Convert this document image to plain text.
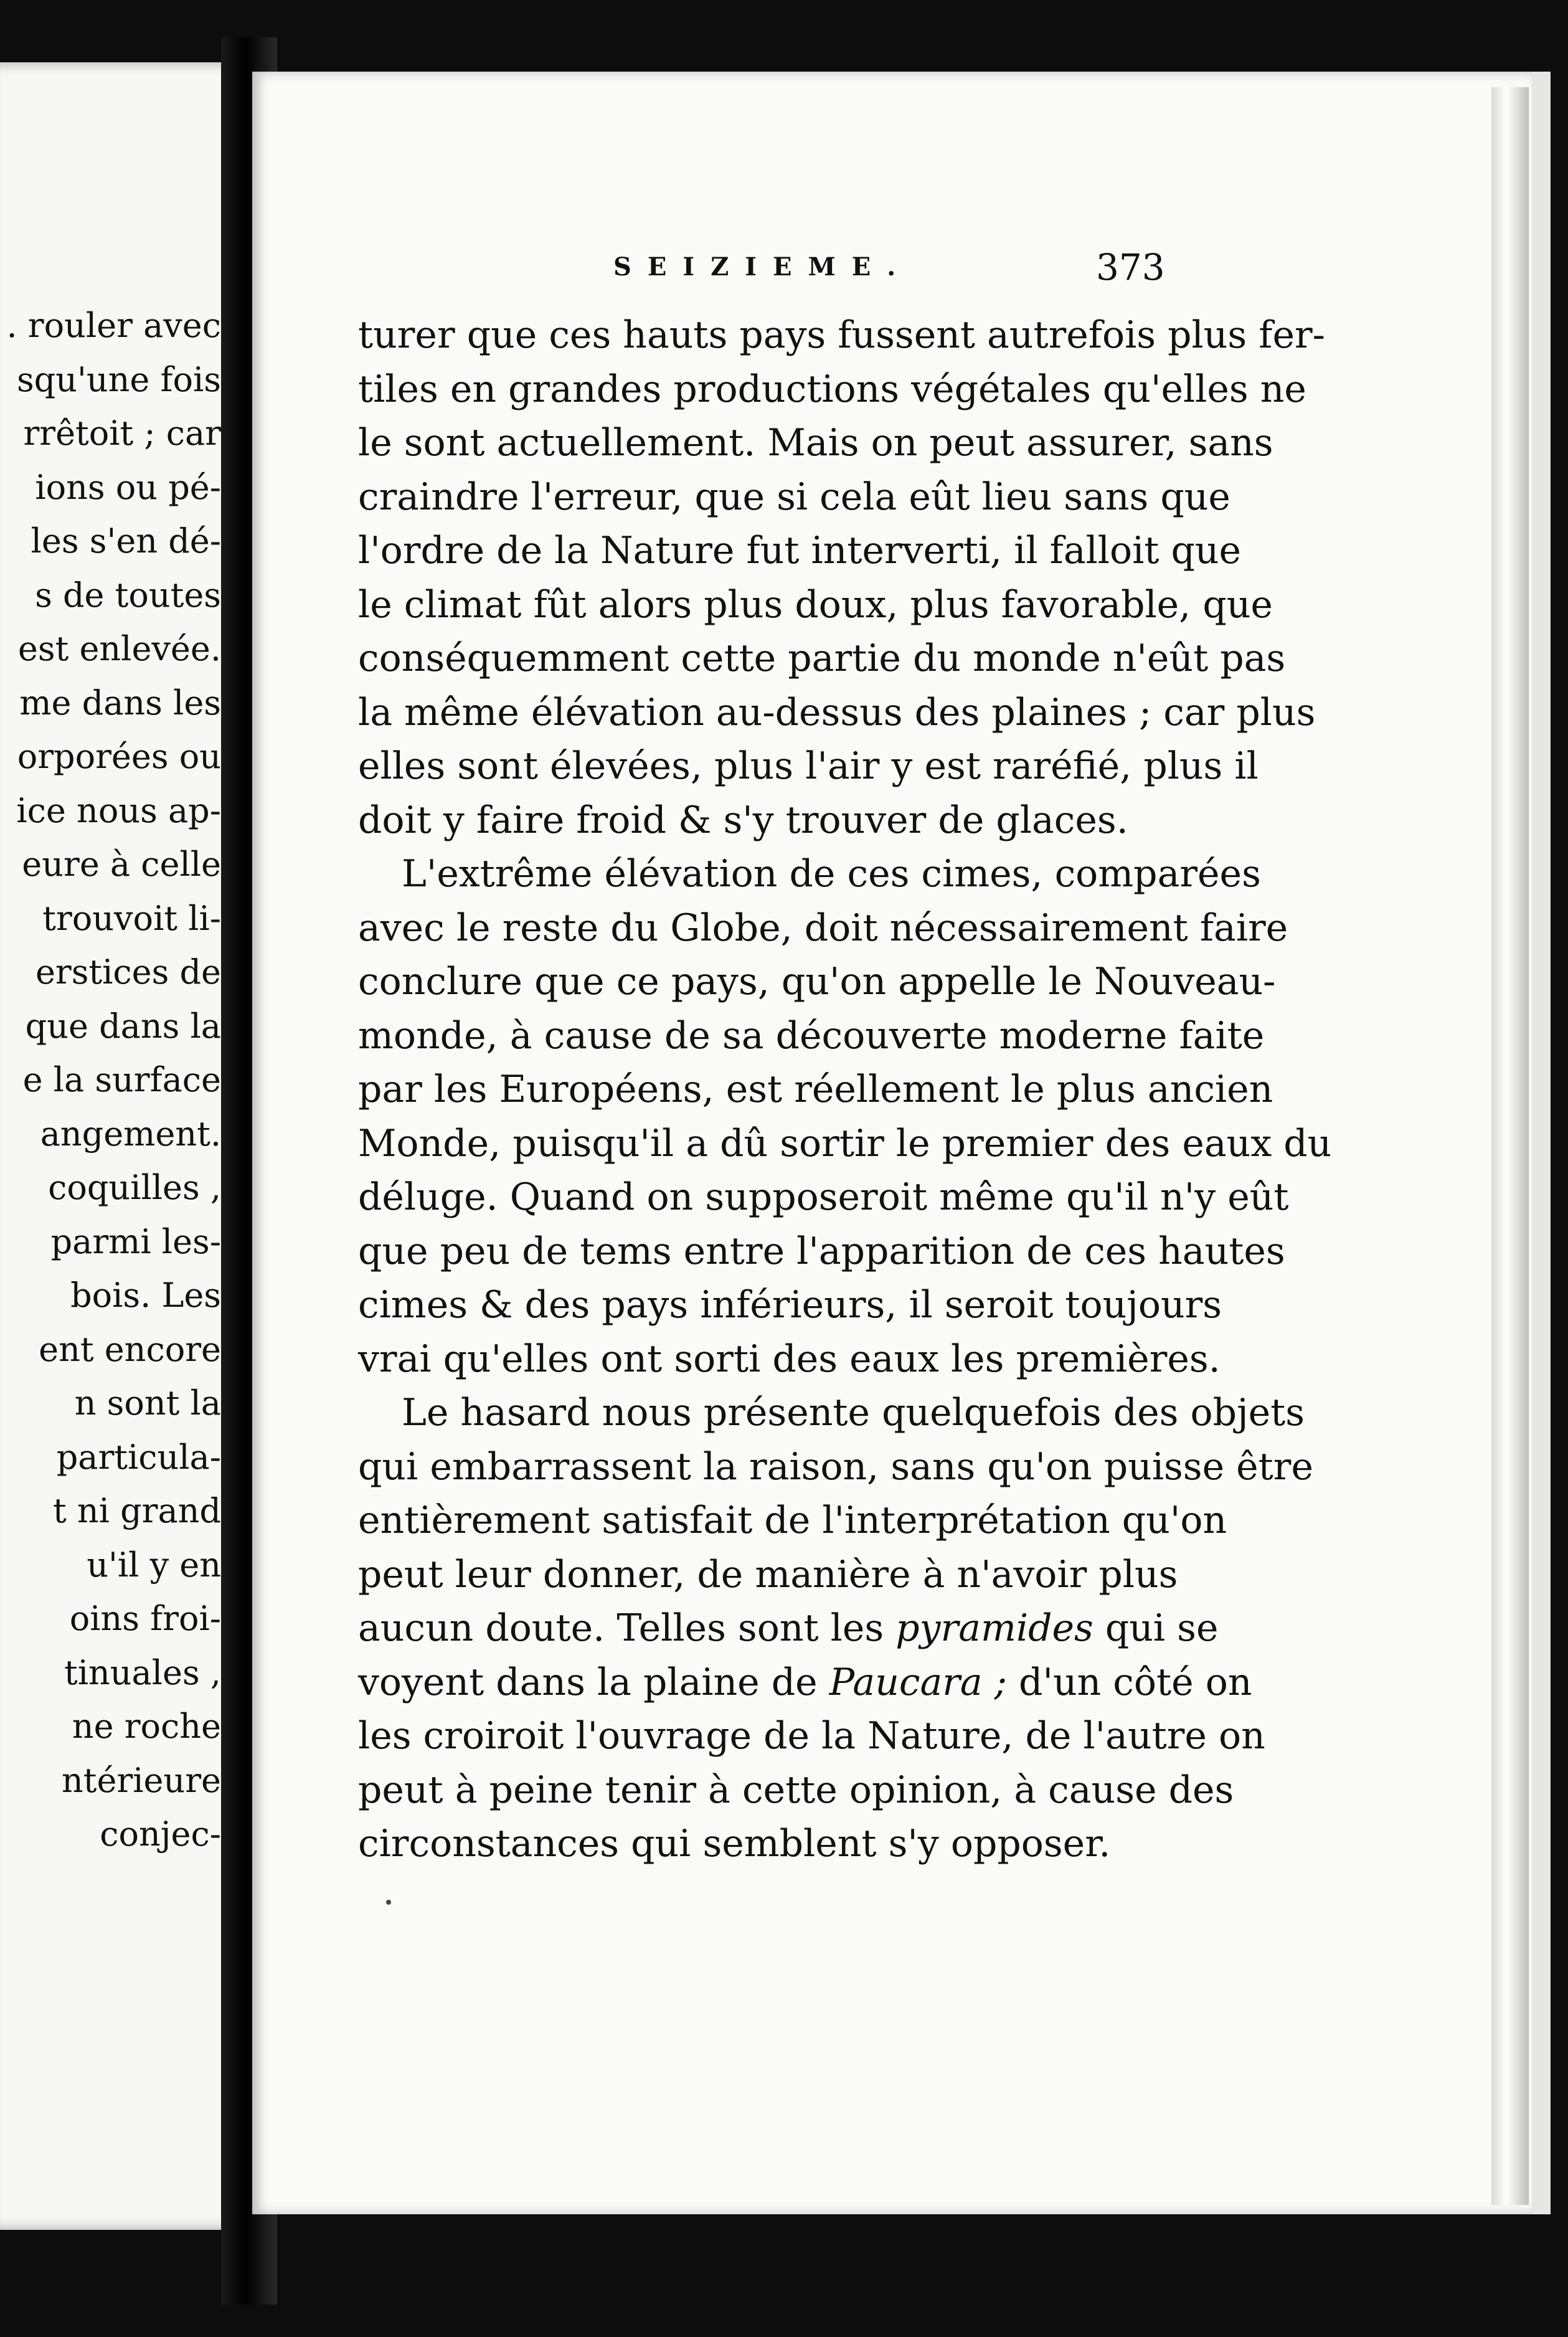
. rouler avec
squ'une fois
rrêtoit ; car
ions ou pé-
les s'en dé-
s de toutes
est enlevée.
me dans les
orporées ou
ice nous ap-
eure à celle
trouvoit li-
erstices de
que dans la
e la surface
angement.
coquilles ,
parmi les-
bois. Les
ent encore
n sont la
particula-
t ni grand
u'il y en
oins froi-
tinuales ,
ne roche
ntérieure
conjec-
SEIZIEME.	373
turer que ces hauts pays fussent autrefois plus fer-
tiles en grandes productions végétales qu'elles ne
le sont actuellement. Mais on peut assurer, sans
craindre l'erreur, que si cela eût lieu sans que
l'ordre de la Nature fut interverti, il falloit que
le climat fût alors plus doux, plus favorable, que
conséquemment cette partie du monde n'eût pas
la même élévation au-dessus des plaines ; car plus
elles sont élevées, plus l'air y est raréfié, plus il
doit y faire froid & s'y trouver de glaces.
L'extrême élévation de ces cimes, comparées
avec le reste du Globe, doit nécessairement faire
conclure que ce pays, qu'on appelle le Nouveau-
monde, à cause de sa découverte moderne faite
par les Européens, est réellement le plus ancien
Monde, puisqu'il a dû sortir le premier des eaux du
déluge. Quand on supposeroit même qu'il n'y eût
que peu de tems entre l'apparition de ces hautes
cimes & des pays inférieurs, il seroit toujours
vrai qu'elles ont sorti des eaux les premières.
Le hasard nous présente quelquefois des objets
qui embarrassent la raison, sans qu'on puisse être
entièrement satisfait de l'interprétation qu'on
peut leur donner, de manière à n'avoir plus
aucun doute. Telles sont les pyramides qui se
voyent dans la plaine de Paucara ; d'un côté on
les croiroit l'ouvrage de la Nature, de l'autre on
peut à peine tenir à cette opinion, à cause des
circonstances qui semblent s'y opposer.
